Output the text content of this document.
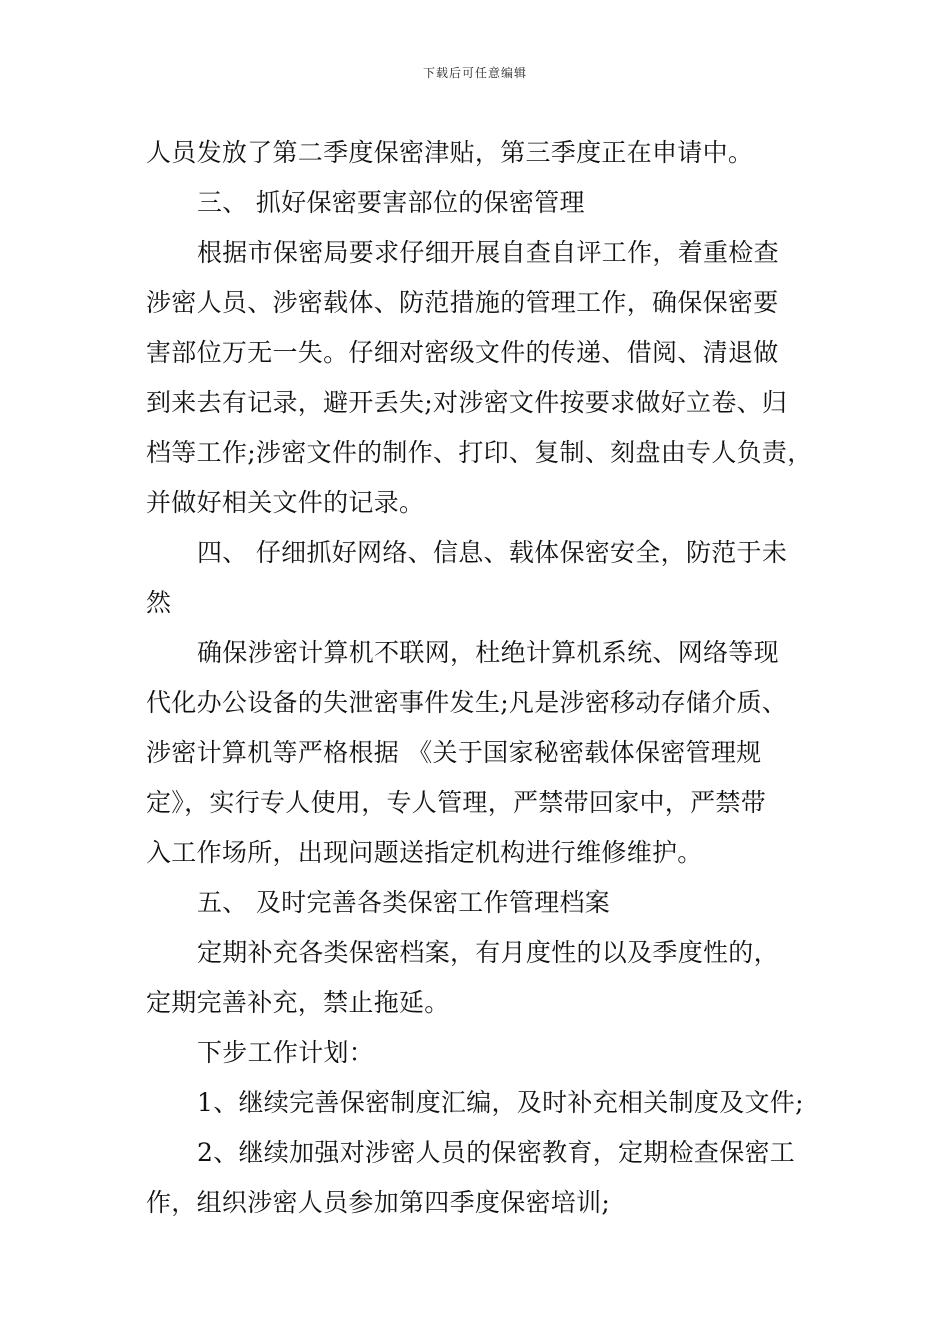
下载后可任意编辑
人员发放了第二季度保密津贴，第三季度正在申请中。
三、 抓好保密要害部位的保密管理
根据市保密局要求仔细开展自查自评工作，着重检查
涉密人员、涉密载体、防范措施的管理工作，确保保密要
害部位万无一失。仔细对密级文件的传递、借阅、清退做
到来去有记录，避开丢失;对涉密文件按要求做好立卷、归
档等工作;涉密文件的制作、打印、复制、刻盘由专人负责，
并做好相关文件的记录。
四、 仔细抓好网络、信息、载体保密安全，防范于未
然
确保涉密计算机不联网，杜绝计算机系统、网络等现
代化办公设备的失泄密事件发生;凡是涉密移动存储介质、
涉密计算机等严格根据 《关于国家秘密载体保密管理规
定》，实行专人使用，专人管理，严禁带回家中，严禁带
入工作场所，出现问题送指定机构进行维修维护。
五、 及时完善各类保密工作管理档案
定期补充各类保密档案，有月度性的以及季度性的，
定期完善补充，禁止拖延。
下步工作计划：
1、继续完善保密制度汇编，及时补充相关制度及文件;
2、继续加强对涉密人员的保密教育，定期检查保密工
作，组织涉密人员参加第四季度保密培训;
